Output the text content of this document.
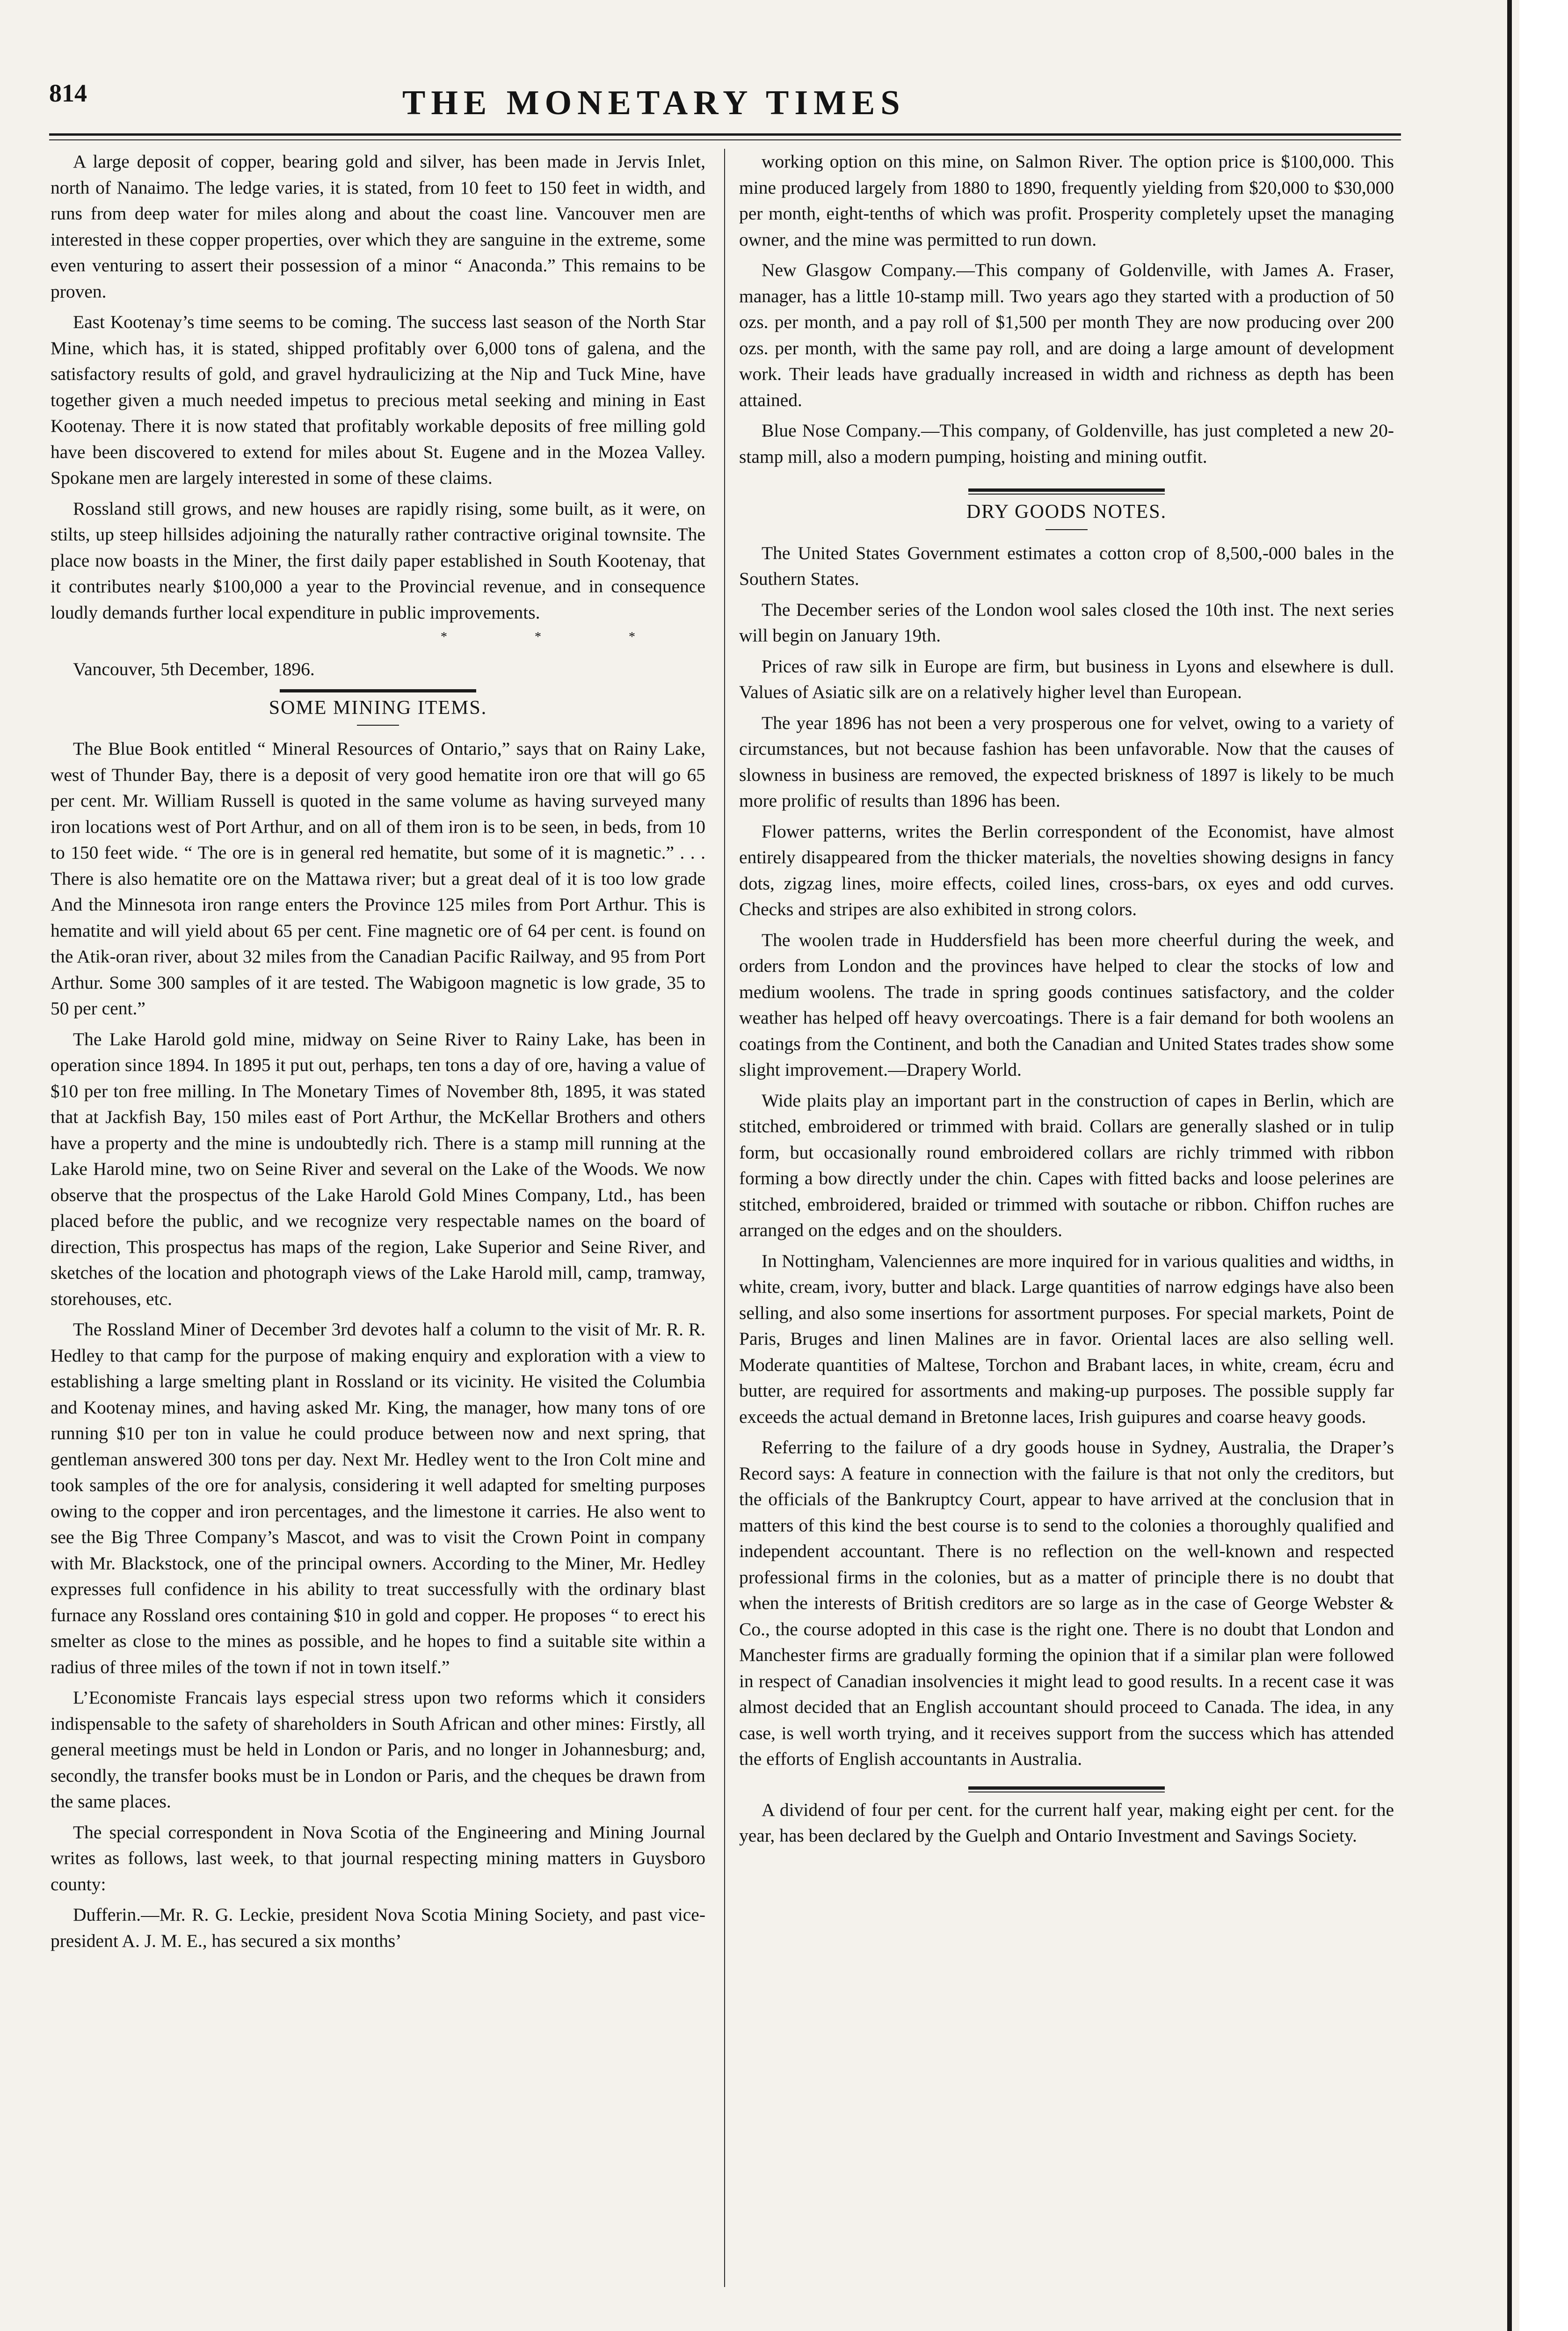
814	THE MONETARY TIMES

A large deposit of copper, bearing gold and silver, has been made in Jervis Inlet, north of Nanaimo. The ledge varies, it is stated, from 10 feet to 150 feet in width, and runs from deep water for miles along and about the coast line. Vancouver men are interested in these copper properties, over which they are sanguine in the extreme, some even venturing to assert their possession of a minor “ Anaconda.” This remains to be proven.

East Kootenay’s time seems to be coming. The success last season of the North Star Mine, which has, it is stated, shipped profitably over 6,000 tons of galena, and the satisfactory results of gold, and gravel hydraulicizing at the Nip and Tuck Mine, have together given a much needed impetus to precious metal seeking and mining in East Kootenay. There it is now stated that profitably workable deposits of free milling gold have been discovered to extend for miles about St. Eugene and in the Mozea Valley. Spokane men are largely interested in some of these claims.

Rossland still grows, and new houses are rapidly rising, some built, as it were, on stilts, up steep hillsides adjoining the naturally rather contractive original townsite. The place now boasts in the Miner, the first daily paper established in South Kootenay, that it contributes nearly $100,000 a year to the Provincial revenue, and in consequence loudly demands further local expenditure in public improvements.

* * *

Vancouver, 5th December, 1896.

SOME MINING ITEMS.

The Blue Book entitled “ Mineral Resources of Ontario,” says that on Rainy Lake, west of Thunder Bay, there is a deposit of very good hematite iron ore that will go 65 per cent. Mr. William Russell is quoted in the same volume as having surveyed many iron locations west of Port Arthur, and on all of them iron is to be seen, in beds, from 10 to 150 feet wide. “ The ore is in general red hematite, but some of it is magnetic.” . . . There is also hematite ore on the Mattawa river; but a great deal of it is too low grade And the Minnesota iron range enters the Province 125 miles from Port Arthur. This is hematite and will yield about 65 per cent. Fine magnetic ore of 64 per cent. is found on the Atik-oran river, about 32 miles from the Canadian Pacific Railway, and 95 from Port Arthur. Some 300 samples of it are tested. The Wabigoon magnetic is low grade, 35 to 50 per cent.”

The Lake Harold gold mine, midway on Seine River to Rainy Lake, has been in operation since 1894. In 1895 it put out, perhaps, ten tons a day of ore, having a value of $10 per ton free milling. In The Monetary Times of November 8th, 1895, it was stated that at Jackfish Bay, 150 miles east of Port Arthur, the McKellar Brothers and others have a property and the mine is undoubtedly rich. There is a stamp mill running at the Lake Harold mine, two on Seine River and several on the Lake of the Woods. We now observe that the prospectus of the Lake Harold Gold Mines Company, Ltd., has been placed before the public, and we recognize very respectable names on the board of direction, This prospectus has maps of the region, Lake Superior and Seine River, and sketches of the location and photograph views of the Lake Harold mill, camp, tramway, storehouses, etc.

The Rossland Miner of December 3rd devotes half a column to the visit of Mr. R. R. Hedley to that camp for the purpose of making enquiry and exploration with a view to establishing a large smelting plant in Rossland or its vicinity. He visited the Columbia and Kootenay mines, and having asked Mr. King, the manager, how many tons of ore running $10 per ton in value he could produce between now and next spring, that gentleman answered 300 tons per day. Next Mr. Hedley went to the Iron Colt mine and took samples of the ore for analysis, considering it well adapted for smelting purposes owing to the copper and iron percentages, and the limestone it carries. He also went to see the Big Three Company’s Mascot, and was to visit the Crown Point in company with Mr. Blackstock, one of the principal owners. According to the Miner, Mr. Hedley expresses full confidence in his ability to treat successfully with the ordinary blast furnace any Rossland ores containing $10 in gold and copper. He proposes “ to erect his smelter as close to the mines as possible, and he hopes to find a suitable site within a radius of three miles of the town if not in town itself.”

L’Economiste Francais lays especial stress upon two reforms which it considers indispensable to the safety of shareholders in South African and other mines: Firstly, all general meetings must be held in London or Paris, and no longer in Johannesburg; and, secondly, the transfer books must be in London or Paris, and the cheques be drawn from the same places.

The special correspondent in Nova Scotia of the Engineering and Mining Journal writes as follows, last week, to that journal respecting mining matters in Guysboro county:

Dufferin.—Mr. R. G. Leckie, president Nova Scotia Mining Society, and past vice-president A. J. M. E., has secured a six months’

working option on this mine, on Salmon River. The option price is $100,000. This mine produced largely from 1880 to 1890, frequently yielding from $20,000 to $30,000 per month, eight-tenths of which was profit. Prosperity completely upset the managing owner, and the mine was permitted to run down.

New Glasgow Company.—This company of Goldenville, with James A. Fraser, manager, has a little 10-stamp mill. Two years ago they started with a production of 50 ozs. per month, and a pay roll of $1,500 per month They are now producing over 200 ozs. per month, with the same pay roll, and are doing a large amount of development work. Their leads have gradually increased in width and richness as depth has been attained.

Blue Nose Company.—This company, of Goldenville, has just completed a new 20-stamp mill, also a modern pumping, hoisting and mining outfit.

DRY GOODS NOTES.

The United States Government estimates a cotton crop of 8,500,-000 bales in the Southern States.

The December series of the London wool sales closed the 10th inst. The next series will begin on January 19th.

Prices of raw silk in Europe are firm, but business in Lyons and elsewhere is dull. Values of Asiatic silk are on a relatively higher level than European.

The year 1896 has not been a very prosperous one for velvet, owing to a variety of circumstances, but not because fashion has been unfavorable. Now that the causes of slowness in business are removed, the expected briskness of 1897 is likely to be much more prolific of results than 1896 has been.

Flower patterns, writes the Berlin correspondent of the Economist, have almost entirely disappeared from the thicker materials, the novelties showing designs in fancy dots, zigzag lines, moire effects, coiled lines, cross-bars, ox eyes and odd curves. Checks and stripes are also exhibited in strong colors.

The woolen trade in Huddersfield has been more cheerful during the week, and orders from London and the provinces have helped to clear the stocks of low and medium woolens. The trade in spring goods continues satisfactory, and the colder weather has helped off heavy overcoatings. There is a fair demand for both woolens an coatings from the Continent, and both the Canadian and United States trades show some slight improvement.—Drapery World.

Wide plaits play an important part in the construction of capes in Berlin, which are stitched, embroidered or trimmed with braid. Collars are generally slashed or in tulip form, but occasionally round embroidered collars are richly trimmed with ribbon forming a bow directly under the chin. Capes with fitted backs and loose pelerines are stitched, embroidered, braided or trimmed with soutache or ribbon. Chiffon ruches are arranged on the edges and on the shoulders.

In Nottingham, Valenciennes are more inquired for in various qualities and widths, in white, cream, ivory, butter and black. Large quantities of narrow edgings have also been selling, and also some insertions for assortment purposes. For special markets, Point de Paris, Bruges and linen Malines are in favor. Oriental laces are also selling well. Moderate quantities of Maltese, Torchon and Brabant laces, in white, cream, écru and butter, are required for assortments and making-up purposes. The possible supply far exceeds the actual demand in Bretonne laces, Irish guipures and coarse heavy goods.

Referring to the failure of a dry goods house in Sydney, Australia, the Draper’s Record says: A feature in connection with the failure is that not only the creditors, but the officials of the Bankruptcy Court, appear to have arrived at the conclusion that in matters of this kind the best course is to send to the colonies a thoroughly qualified and independent accountant. There is no reflection on the well-known and respected professional firms in the colonies, but as a matter of principle there is no doubt that when the interests of British creditors are so large as in the case of George Webster & Co., the course adopted in this case is the right one. There is no doubt that London and Manchester firms are gradually forming the opinion that if a similar plan were followed in respect of Canadian insolvencies it might lead to good results. In a recent case it was almost decided that an English accountant should proceed to Canada. The idea, in any case, is well worth trying, and it receives support from the success which has attended the efforts of English accountants in Australia.

A dividend of four per cent. for the current half year, making eight per cent. for the year, has been declared by the Guelph and Ontario Investment and Savings Society.
